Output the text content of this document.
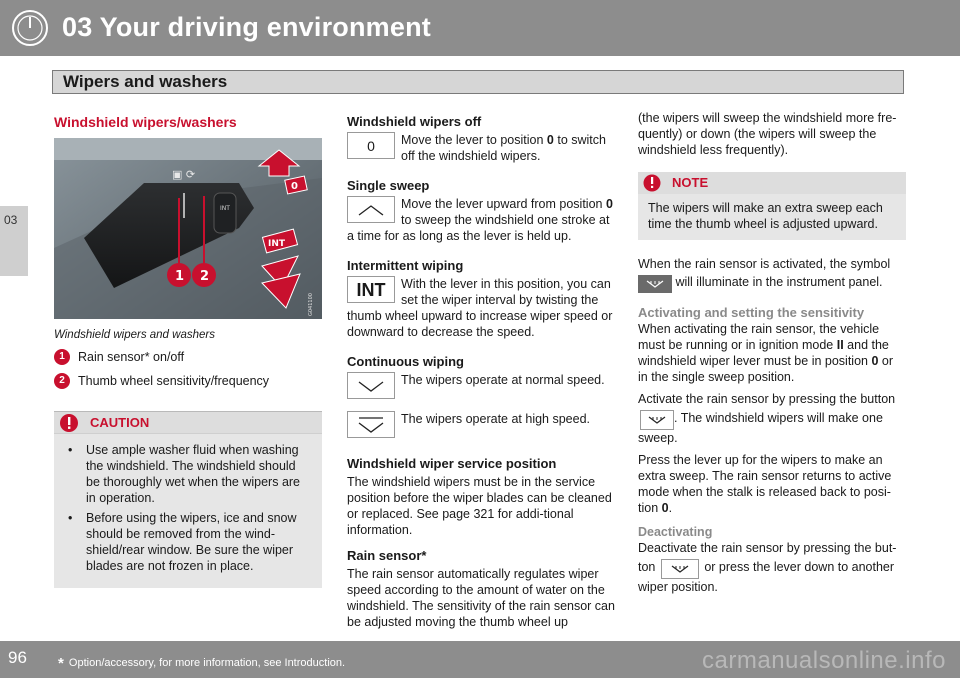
03 Your driving environment
Wipers and washers
03
Windshield wipers/washers
▣ ⟳
INT
0
INT
1 2
G041100
Windshield wipers and washers
1	Rain sensor* on/off
2	Thumb wheel sensitivity/frequency
CAUTION
• Use ample washer fluid when washing the windshield. The windshield should be thoroughly wet when the wipers are in operation.
• Before using the wipers, ice and snow should be removed from the wind-shield/rear window. Be sure the wiper blades are not frozen in place.
Windshield wipers off
0	Move the lever to position 0 to switch off the windshield wipers.
Single sweep
Move the lever upward from position 0 to sweep the windshield one stroke at a time for as long as the lever is held up.
Intermittent wiping
INT	With the lever in this position, you can set the wiper interval by twisting the thumb wheel upward to increase wiper speed or downward to decrease the speed.
Continuous wiping
The wipers operate at normal speed.
The wipers operate at high speed.
Windshield wiper service position
The windshield wipers must be in the service position before the wiper blades can be cleaned or replaced. See page 321 for addi-tional information.
Rain sensor*
The rain sensor automatically regulates wiper speed according to the amount of water on the windshield. The sensitivity of the rain sensor can be adjusted moving the thumb wheel up
(the wipers will sweep the windshield more fre-quently) or down (the wipers will sweep the windshield less frequently).
NOTE
The wipers will make an extra sweep each time the thumb wheel is adjusted upward.
When the rain sensor is activated, the symbol

will illuminate in the instrument panel.
Activating and setting the sensitivity
When activating the rain sensor, the vehicle must be running or in ignition mode II and the windshield wiper lever must be in position 0 or in the single sweep position.
Activate the rain sensor by pressing the button

. The windshield wipers will make one sweep.
Press the lever up for the wipers to make an extra sweep. The rain sensor returns to active mode when the stalk is released back to posi-tion 0.
Deactivating
Deactivate the rain sensor by pressing the but-ton	or press the lever down to another wiper position.
96 * Option/accessory, for more information, see Introduction.	carmanualsonline.info
